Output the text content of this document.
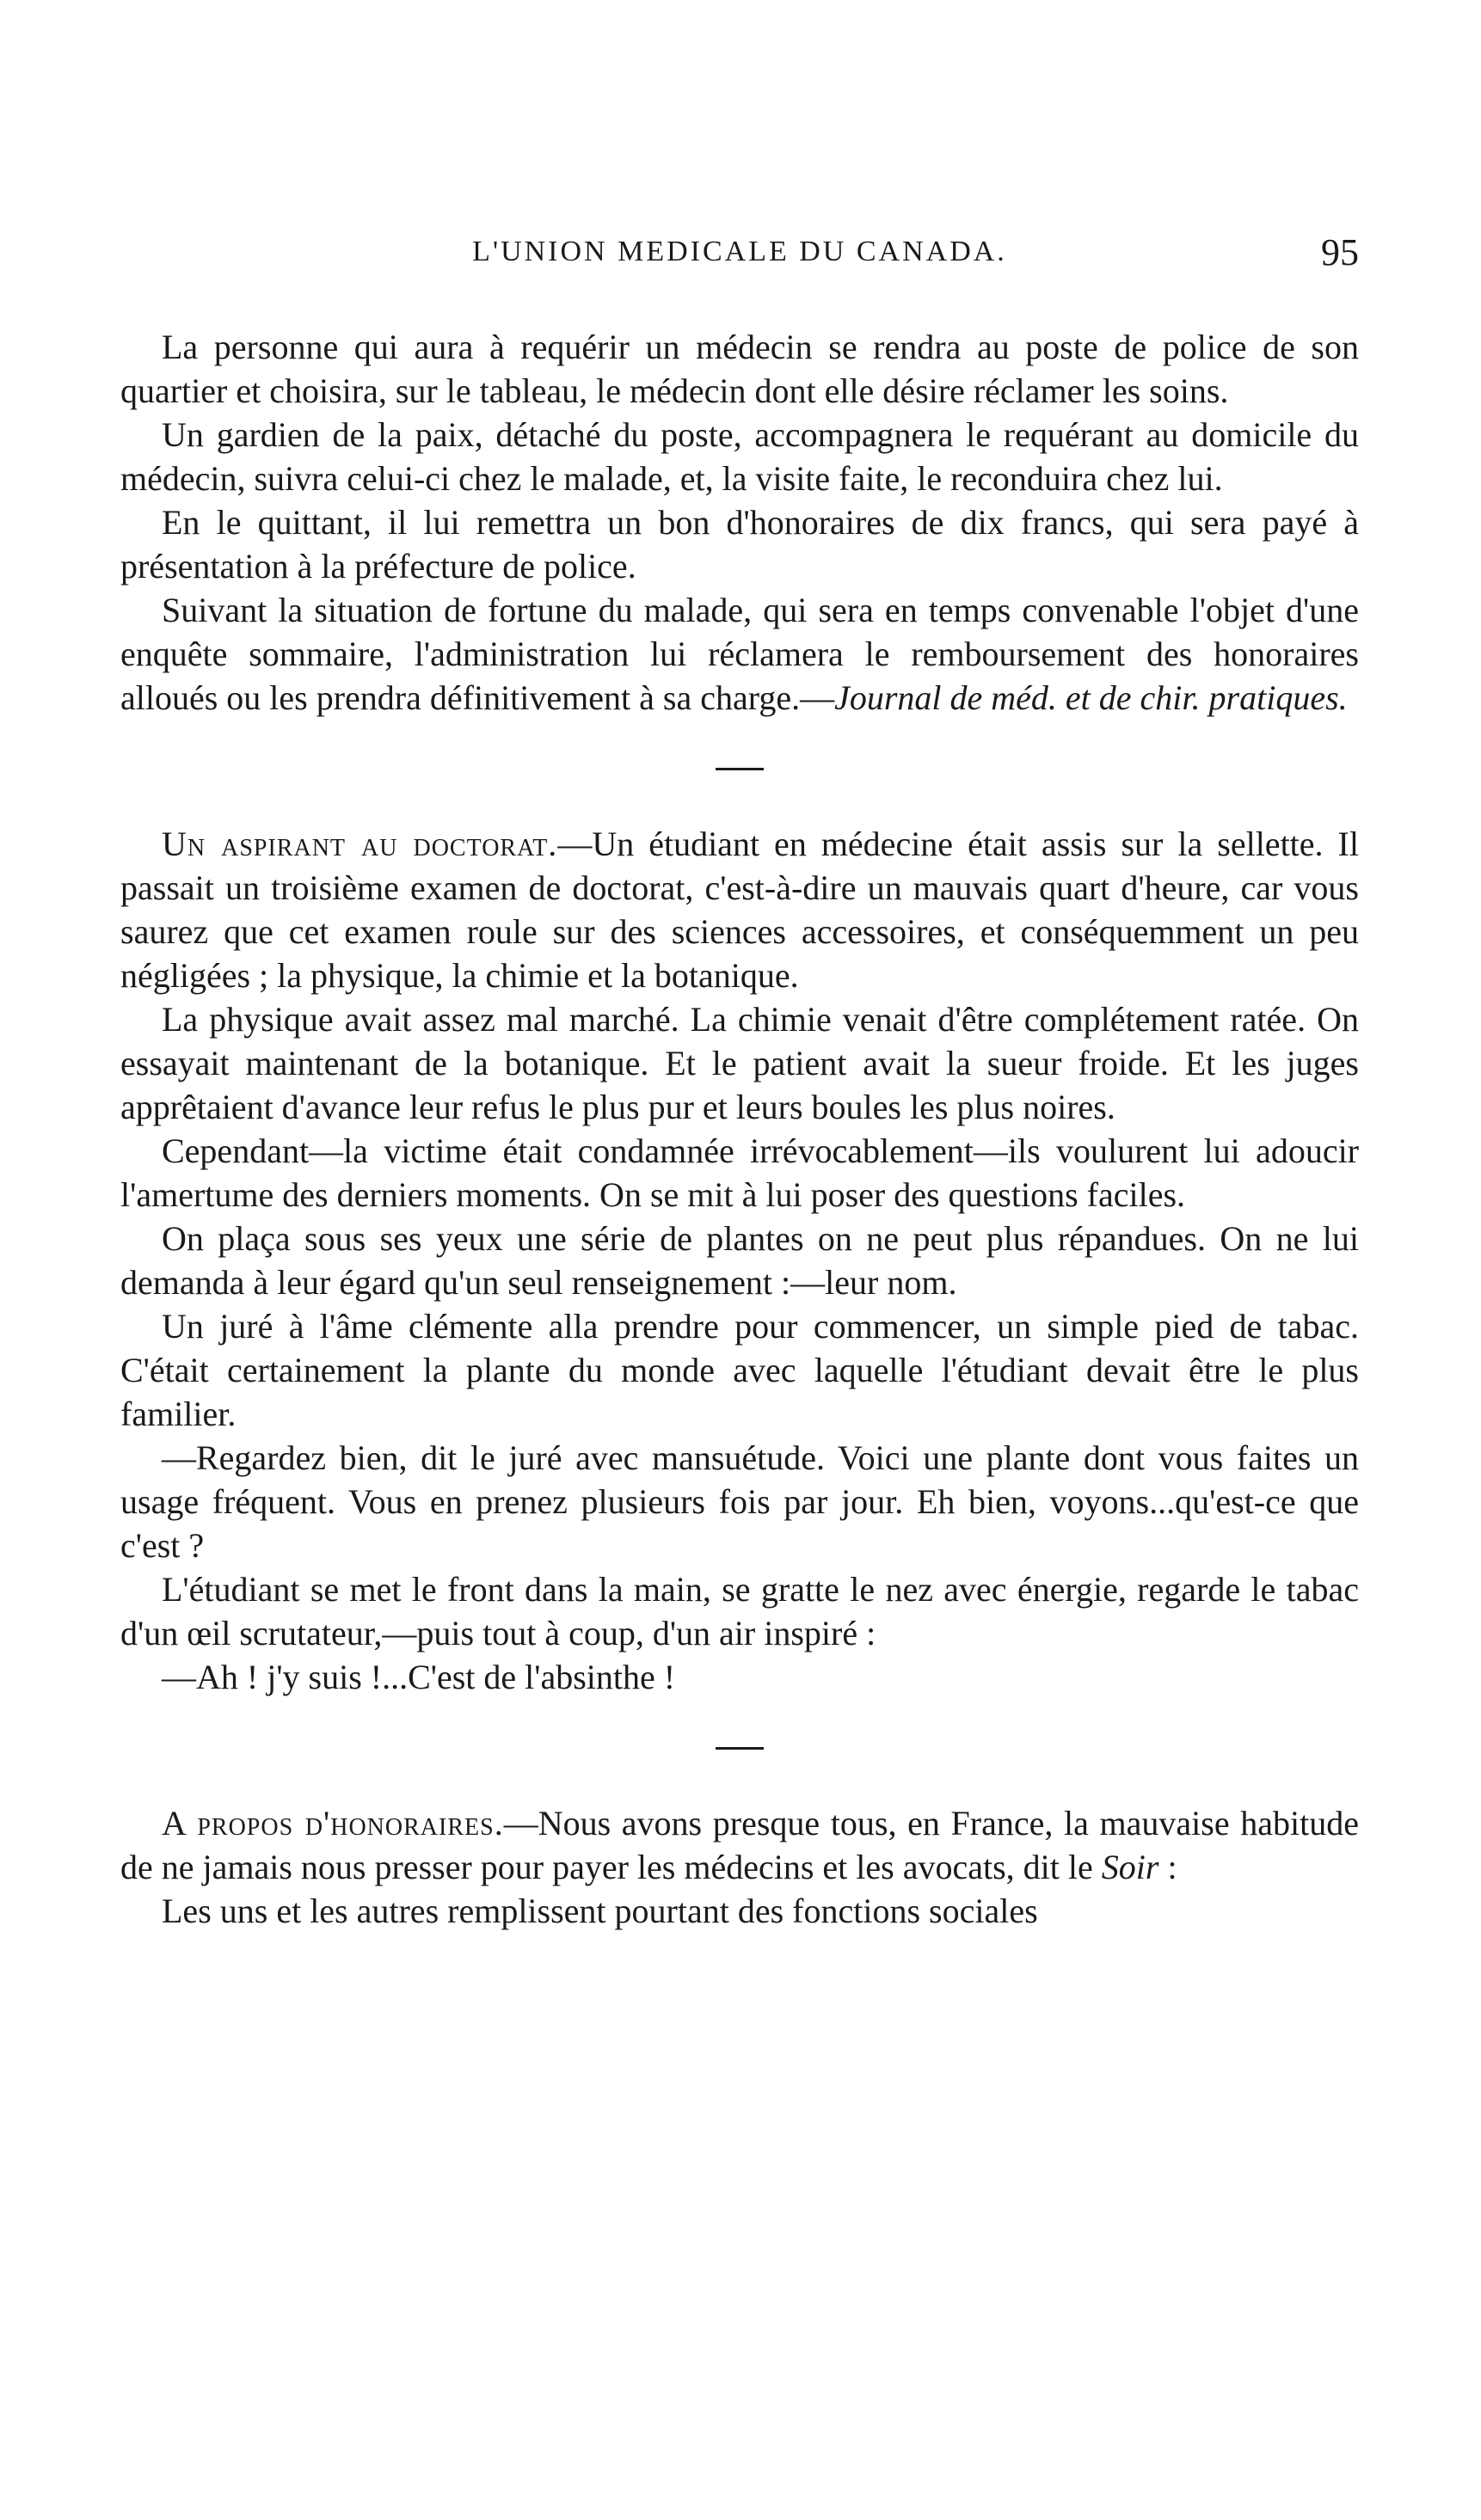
L'UNION MEDICALE DU CANADA.	95

La personne qui aura à requérir un médecin se rendra au poste de police de son quartier et choisira, sur le tableau, le médecin dont elle désire réclamer les soins.

Un gardien de la paix, détaché du poste, accompagnera le requérant au domicile du médecin, suivra celui-ci chez le malade, et, la visite faite, le reconduira chez lui.

En le quittant, il lui remettra un bon d'honoraires de dix francs, qui sera payé à présentation à la préfecture de police.

Suivant la situation de fortune du malade, qui sera en temps convenable l'objet d'une enquête sommaire, l'administration lui réclamera le remboursement des honoraires alloués ou les prendra définitivement à sa charge.—Journal de méd. et de chir. pratiques.

Un aspirant au doctorat.—Un étudiant en médecine était assis sur la sellette. Il passait un troisième examen de doctorat, c'est-à-dire un mauvais quart d'heure, car vous saurez que cet examen roule sur des sciences accessoires, et conséquemment un peu négligées ; la physique, la chimie et la botanique.

La physique avait assez mal marché. La chimie venait d'être complétement ratée. On essayait maintenant de la botanique. Et le patient avait la sueur froide. Et les juges apprêtaient d'avance leur refus le plus pur et leurs boules les plus noires.

Cependant—la victime était condamnée irrévocablement—ils voulurent lui adoucir l'amertume des derniers moments. On se mit à lui poser des questions faciles.

On plaça sous ses yeux une série de plantes on ne peut plus répandues. On ne lui demanda à leur égard qu'un seul renseignement :—leur nom.

Un juré à l'âme clémente alla prendre pour commencer, un simple pied de tabac. C'était certainement la plante du monde avec laquelle l'étudiant devait être le plus familier.

—Regardez bien, dit le juré avec mansuétude. Voici une plante dont vous faites un usage fréquent. Vous en prenez plusieurs fois par jour. Eh bien, voyons...qu'est-ce que c'est ?

L'étudiant se met le front dans la main, se gratte le nez avec énergie, regarde le tabac d'un œil scrutateur,—puis tout à coup, d'un air inspiré :

—Ah ! j'y suis !...C'est de l'absinthe !

A propos d'honoraires.—Nous avons presque tous, en France, la mauvaise habitude de ne jamais nous presser pour payer les médecins et les avocats, dit le Soir :

Les uns et les autres remplissent pourtant des fonctions sociales
